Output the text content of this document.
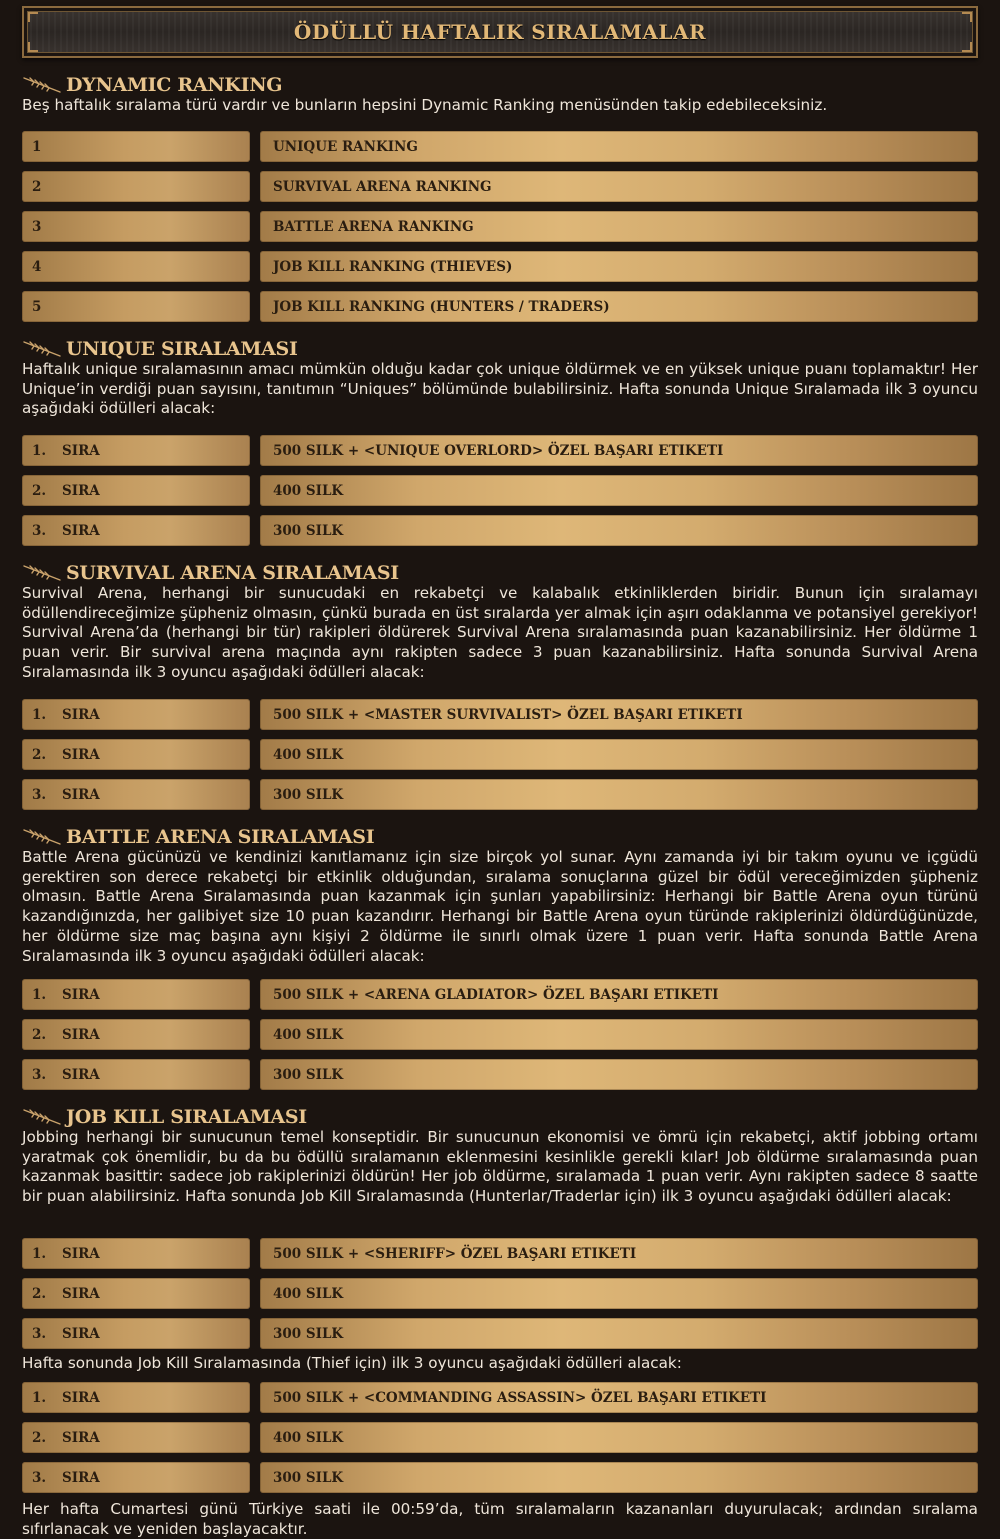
ÖDÜLLÜ HAFTALIK SIRALAMALAR
DYNAMIC RANKING

Beş haftalık sıralama türü vardır ve bunların hepsini Dynamic Ranking menüsünden takip edebileceksiniz.

1	UNIQUE RANKING
2	SURVIVAL ARENA RANKING
3	BATTLE ARENA RANKING
4	JOB KILL RANKING (THIEVES)
5	JOB KILL RANKING (HUNTERS / TRADERS)
UNIQUE SIRALAMASI

Haftalık unique sıralamasının amacı mümkün olduğu kadar çok unique öldürmek ve en yüksek unique puanı toplamaktır! Her Unique’in verdiği puan sayısını, tanıtımın “Uniques” bölümünde bulabilirsiniz. Hafta sonunda Unique Sıralamada ilk 3 oyuncu aşağıdaki ödülleri alacak:

1.	SIRA	500 SILK + <UNIQUE OVERLORD> ÖZEL BAŞARI ETIKETI
2.	SIRA	400 SILK
3.	SIRA	300 SILK
SURVIVAL ARENA SIRALAMASI

Survival Arena, herhangi bir sunucudaki en rekabetçi ve kalabalık etkinliklerden biridir. Bunun için sıralamayı ödüllendireceğimize şüpheniz olmasın, çünkü burada en üst sıralarda yer almak için aşırı odaklanma ve potansiyel gerekiyor! Survival Arena’da (herhangi bir tür) rakipleri öldürerek Survival Arena sıralamasında puan kazanabilirsiniz. Her öldürme 1 puan verir. Bir survival arena maçında aynı rakipten sadece 3 puan kazanabilirsiniz. Hafta sonunda Survival Arena Sıralamasında ilk 3 oyuncu aşağıdaki ödülleri alacak:

1.	SIRA	500 SILK + <MASTER SURVIVALIST> ÖZEL BAŞARI ETIKETI
2.	SIRA	400 SILK
3.	SIRA	300 SILK
BATTLE ARENA SIRALAMASI

Battle Arena gücünüzü ve kendinizi kanıtlamanız için size birçok yol sunar. Aynı zamanda iyi bir takım oyunu ve içgüdü gerektiren son derece rekabetçi bir etkinlik olduğundan, sıralama sonuçlarına güzel bir ödül vereceğimizden şüpheniz olmasın. Battle Arena Sıralamasında puan kazanmak için şunları yapabilirsiniz: Herhangi bir Battle Arena oyun türünü kazandığınızda, her galibiyet size 10 puan kazandırır. Herhangi bir Battle Arena oyun türünde rakiplerinizi öldürdüğünüzde, her öldürme size maç başına aynı kişiyi 2 öldürme ile sınırlı olmak üzere 1 puan verir. Hafta sonunda Battle Arena Sıralamasında ilk 3 oyuncu aşağıdaki ödülleri alacak:

1.	SIRA	500 SILK + <ARENA GLADIATOR> ÖZEL BAŞARI ETIKETI
2.	SIRA	400 SILK
3.	SIRA	300 SILK
JOB KILL SIRALAMASI

Jobbing herhangi bir sunucunun temel konseptidir. Bir sunucunun ekonomisi ve ömrü için rekabetçi, aktif jobbing ortamı yaratmak çok önemlidir, bu da bu ödüllü sıralamanın eklenmesini kesinlikle gerekli kılar! Job öldürme sıralamasında puan kazanmak basittir: sadece job rakiplerinizi öldürün! Her job öldürme, sıralamada 1 puan verir. Aynı rakipten sadece 8 saatte bir puan alabilirsiniz. Hafta sonunda Job Kill Sıralamasında (Hunterlar/Traderlar için) ilk 3 oyuncu aşağıdaki ödülleri alacak:

1.	SIRA	500 SILK + <SHERIFF> ÖZEL BAŞARI ETIKETI
2.	SIRA	400 SILK
3.	SIRA	300 SILK

Hafta sonunda Job Kill Sıralamasında (Thief için) ilk 3 oyuncu aşağıdaki ödülleri alacak:

1.	SIRA	500 SILK + <COMMANDING ASSASSIN> ÖZEL BAŞARI ETIKETI
2.	SIRA	400 SILK
3.	SIRA	300 SILK

Her hafta Cumartesi günü Türkiye saati ile 00:59’da, tüm sıralamaların kazananları duyurulacak; ardından sıralama sıfırlanacak ve yeniden başlayacaktır.
